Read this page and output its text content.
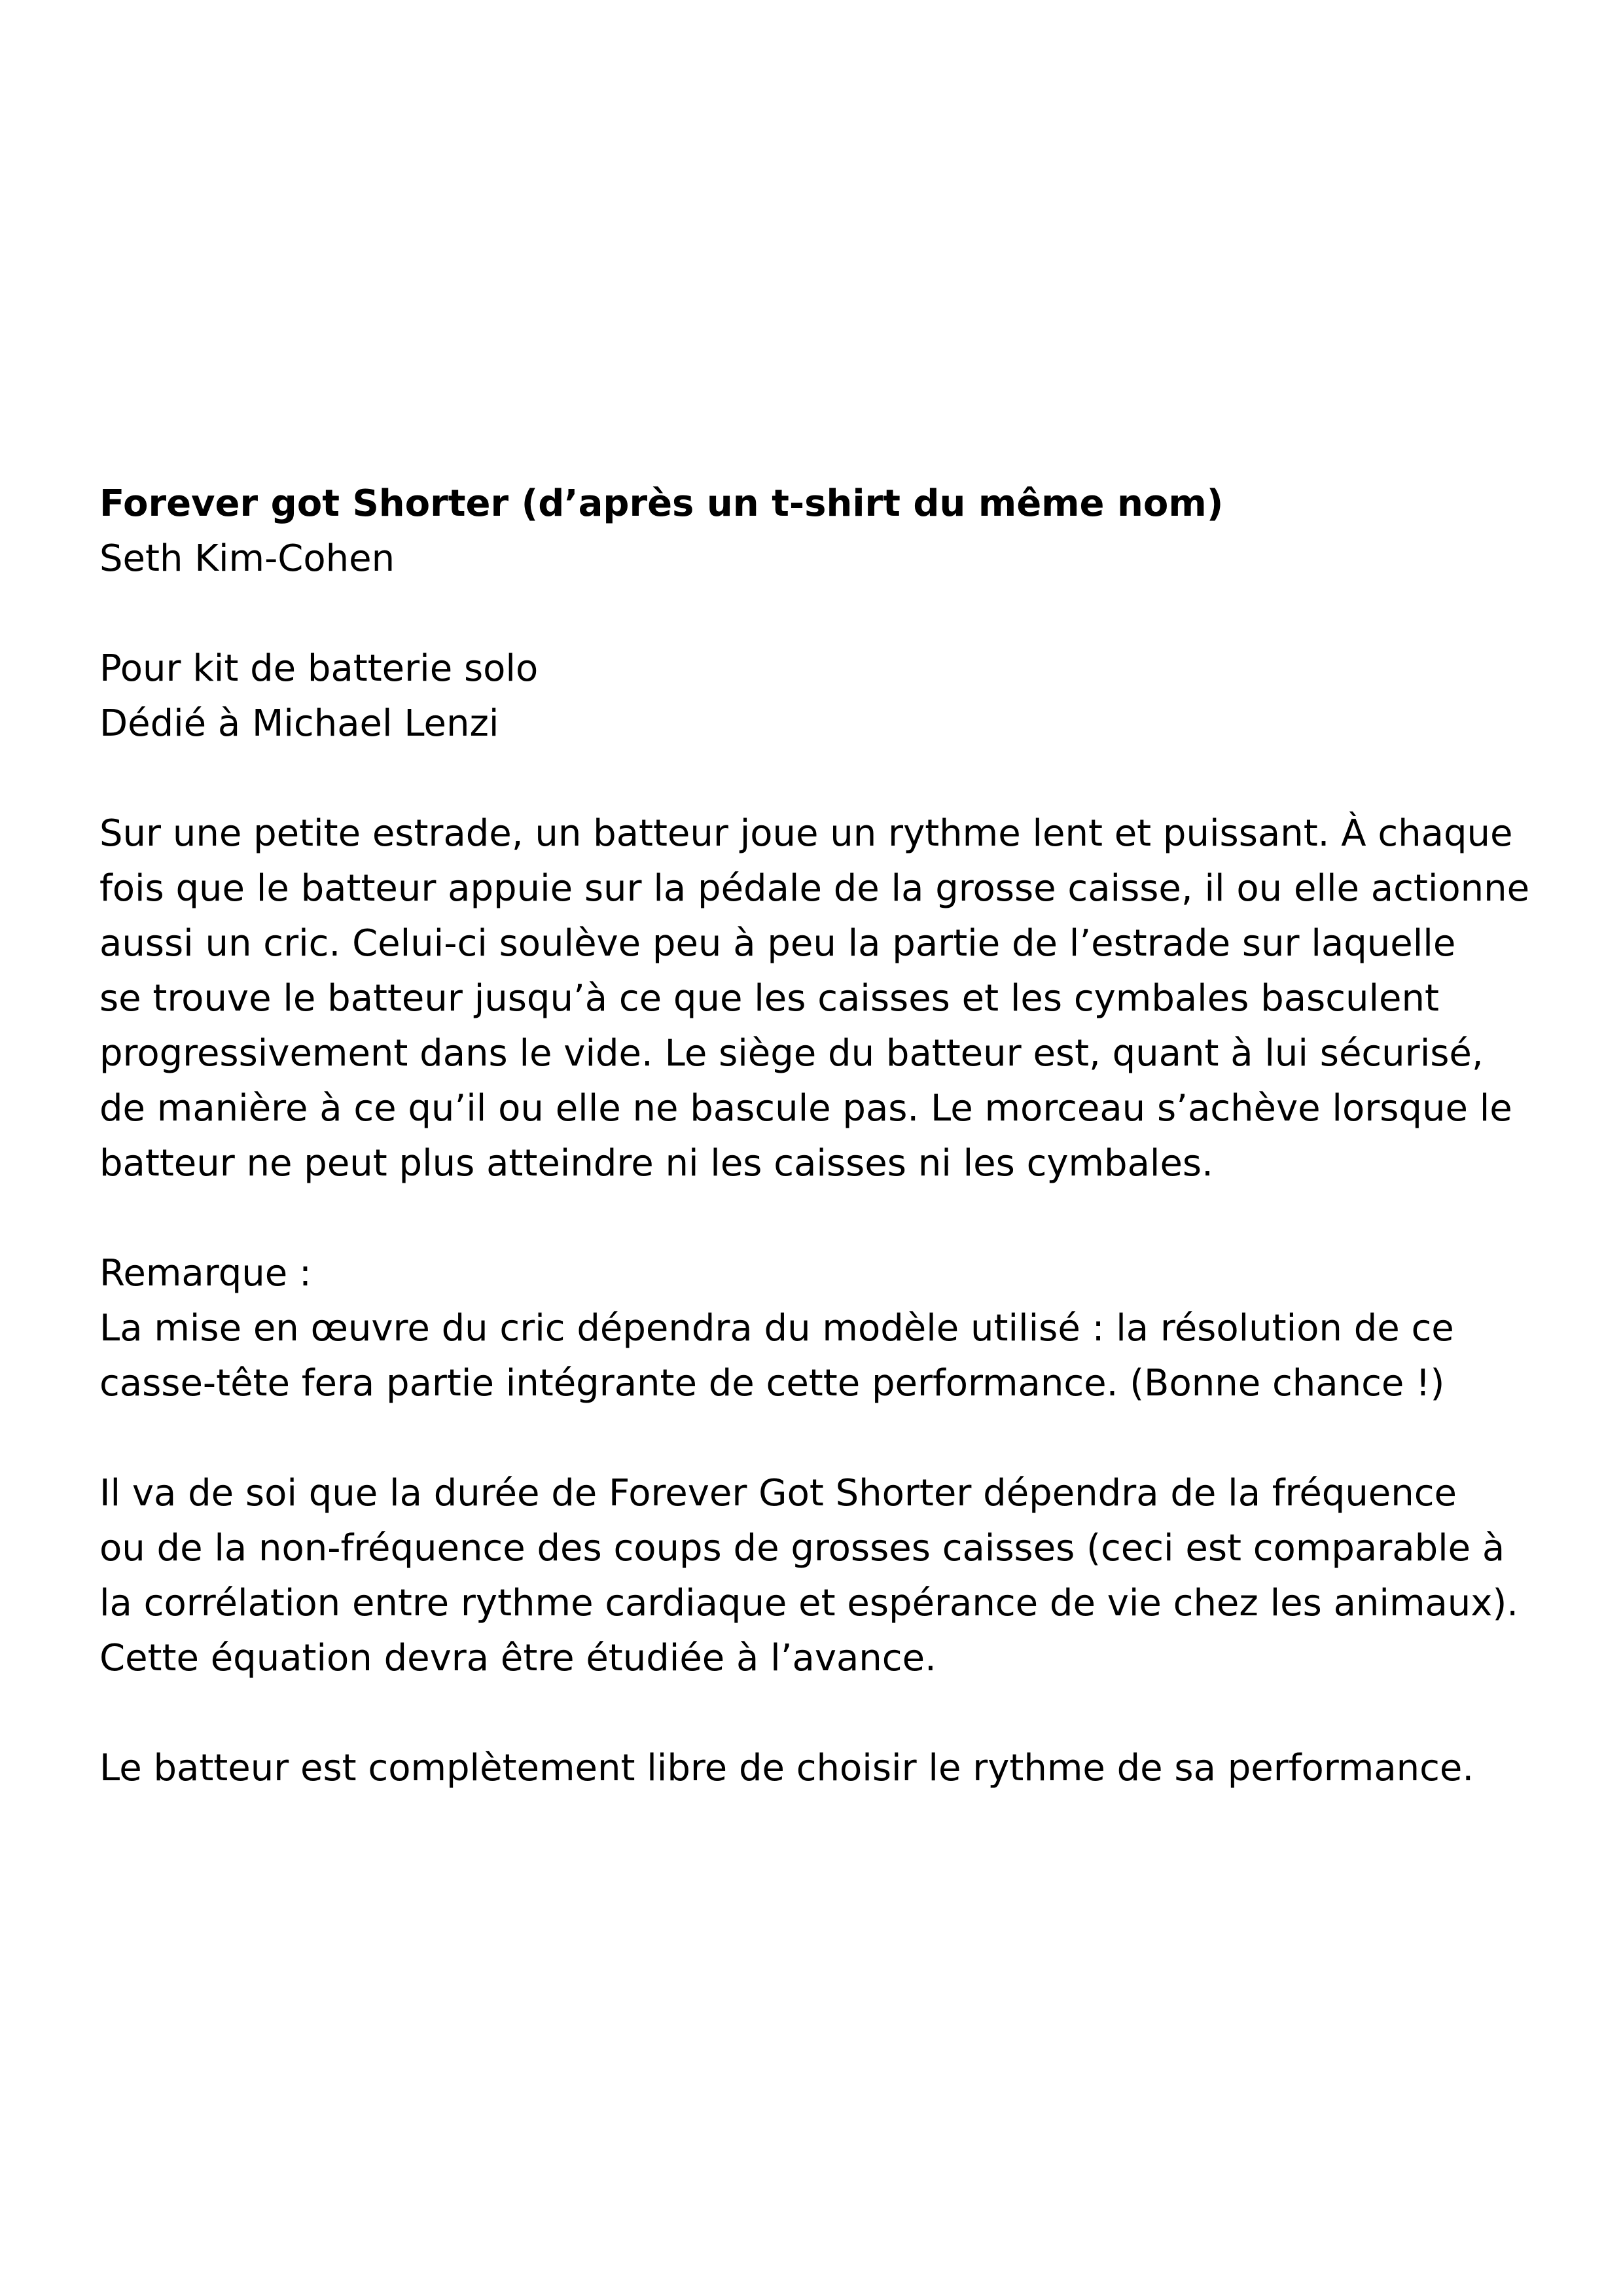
Forever got Shorter (d’après un t-shirt du même nom)

Seth Kim-Cohen

Pour kit de batterie solo

Dédié à Michael Lenzi

Sur une petite estrade, un batteur joue un rythme lent et puissant. À chaque

fois que le batteur appuie sur la pédale de la grosse caisse, il ou elle actionne

aussi un cric. Celui-ci soulève peu à peu la partie de l’estrade sur laquelle

se trouve le batteur jusqu’à ce que les caisses et les cymbales basculent

progressivement dans le vide. Le siège du batteur est, quant à lui sécurisé,

de manière à ce qu’il ou elle ne bascule pas. Le morceau s’achève lorsque le

batteur ne peut plus atteindre ni les caisses ni les cymbales.

Remarque :

La mise en œuvre du cric dépendra du modèle utilisé : la résolution de ce

casse-tête fera partie intégrante de cette performance. (Bonne chance !)

Il va de soi que la durée de Forever Got Shorter dépendra de la fréquence

ou de la non-fréquence des coups de grosses caisses (ceci est comparable à

la corrélation entre rythme cardiaque et espérance de vie chez les animaux).

Cette équation devra être étudiée à l’avance.

Le batteur est complètement libre de choisir le rythme de sa performance.
